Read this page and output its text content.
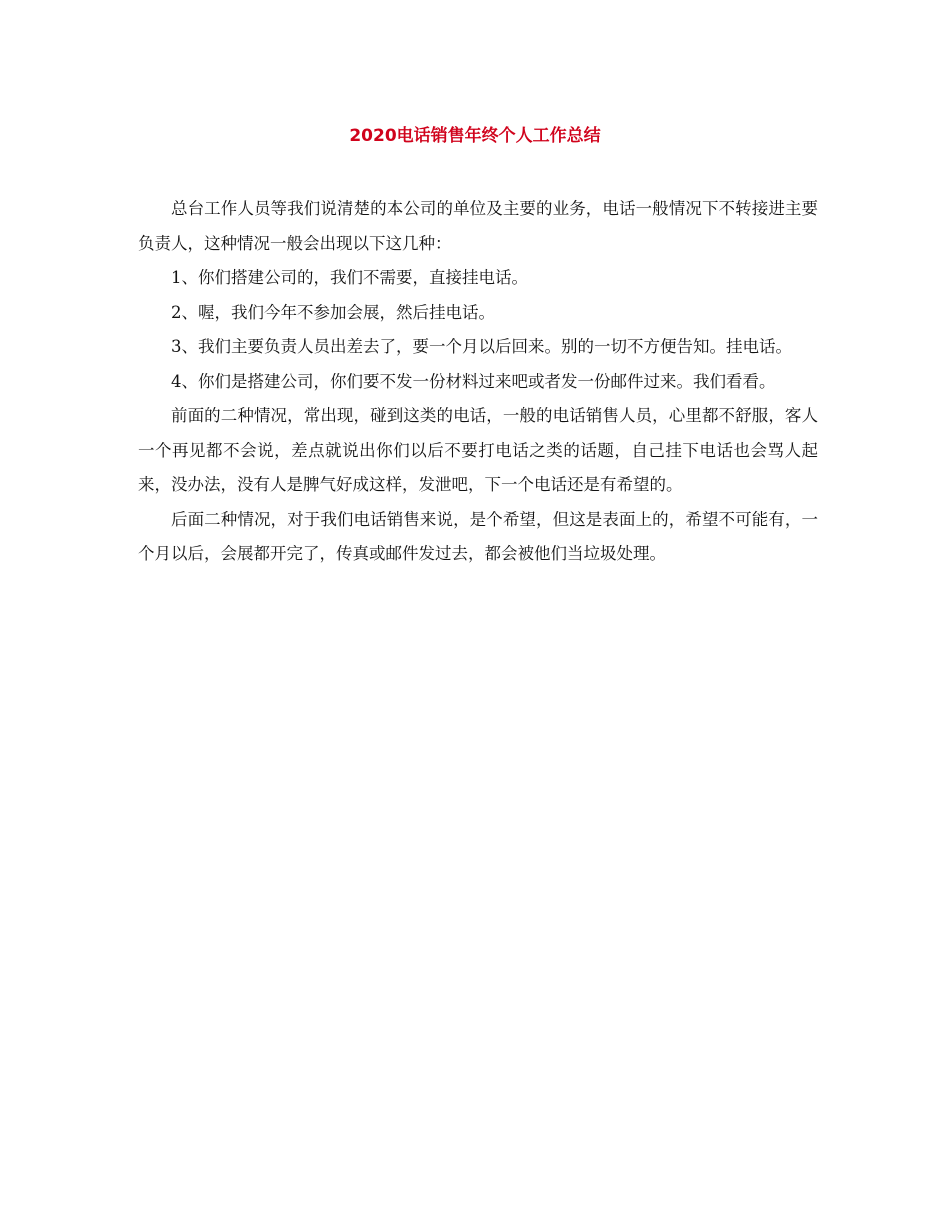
2020电话销售年终个人工作总结

总台工作人员等我们说清楚的本公司的单位及主要的业务，电话一般情况下不转接进主要负责人，这种情况一般会出现以下这几种：

1、你们搭建公司的，我们不需要，直接挂电话。

2、喔，我们今年不参加会展，然后挂电话。

3、我们主要负责人员出差去了，要一个月以后回来。别的一切不方便告知。挂电话。

4、你们是搭建公司，你们要不发一份材料过来吧或者发一份邮件过来。我们看看。

前面的二种情况，常出现，碰到这类的电话，一般的电话销售人员，心里都不舒服，客人一个再见都不会说，差点就说出你们以后不要打电话之类的话题，自己挂下电话也会骂人起来，没办法，没有人是脾气好成这样，发泄吧，下一个电话还是有希望的。

后面二种情况，对于我们电话销售来说，是个希望，但这是表面上的，希望不可能有，一个月以后，会展都开完了，传真或邮件发过去，都会被他们当垃圾处理。
